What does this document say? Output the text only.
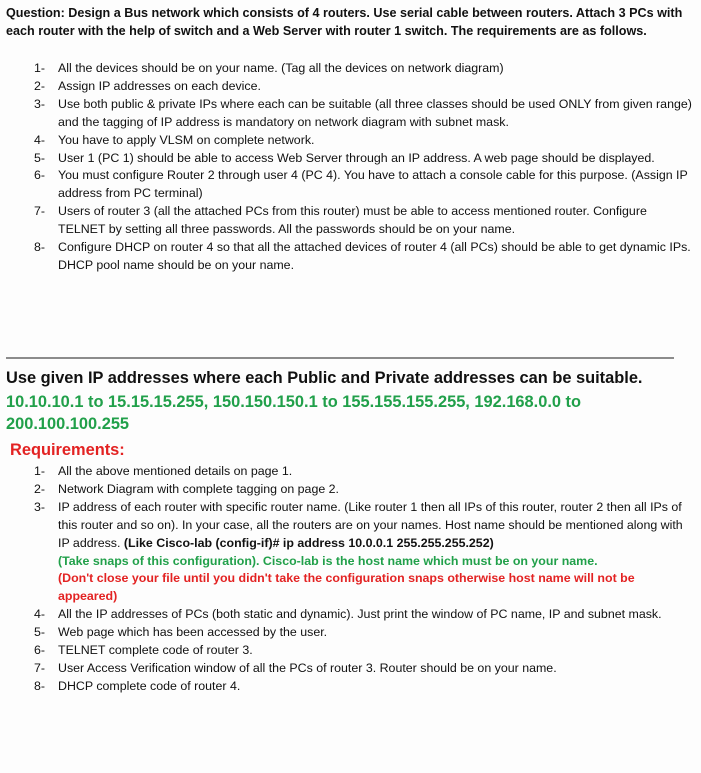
Question: Design a Bus network which consists of 4 routers. Use serial cable between routers. Attach 3 PCs with each router with the help of switch and a Web Server with router 1 switch. The requirements are as follows.
1- All the devices should be on your name. (Tag all the devices on network diagram)
2- Assign IP addresses on each device.
3- Use both public & private IPs where each can be suitable (all three classes should be used ONLY from given range) and the tagging of IP address is mandatory on network diagram with subnet mask.
4- You have to apply VLSM on complete network.
5- User 1 (PC 1) should be able to access Web Server through an IP address. A web page should be displayed.
6- You must configure Router 2 through user 4 (PC 4). You have to attach a console cable for this purpose. (Assign IP address from PC terminal)
7- Users of router 3 (all the attached PCs from this router) must be able to access mentioned router. Configure TELNET by setting all three passwords. All the passwords should be on your name.
8- Configure DHCP on router 4 so that all the attached devices of router 4 (all PCs) should be able to get dynamic IPs. DHCP pool name should be on your name.
Use given IP addresses where each Public and Private addresses can be suitable.
10.10.10.1 to 15.15.15.255, 150.150.150.1 to 155.155.155.255, 192.168.0.0 to 200.100.100.255
Requirements:
1- All the above mentioned details on page 1.
2- Network Diagram with complete tagging on page 2.
3- IP address of each router with specific router name. (Like router 1 then all IPs of this router, router 2 then all IPs of this router and so on). In your case, all the routers are on your names. Host name should be mentioned along with IP address. (Like Cisco-lab (config-if)# ip address 10.0.0.1 255.255.255.252)
(Take snaps of this configuration). Cisco-lab is the host name which must be on your name.
(Don't close your file until you didn't take the configuration snaps otherwise host name will not be appeared)
4- All the IP addresses of PCs (both static and dynamic). Just print the window of PC name, IP and subnet mask.
5- Web page which has been accessed by the user.
6- TELNET complete code of router 3.
7- User Access Verification window of all the PCs of router 3. Router should be on your name.
8- DHCP complete code of router 4.
